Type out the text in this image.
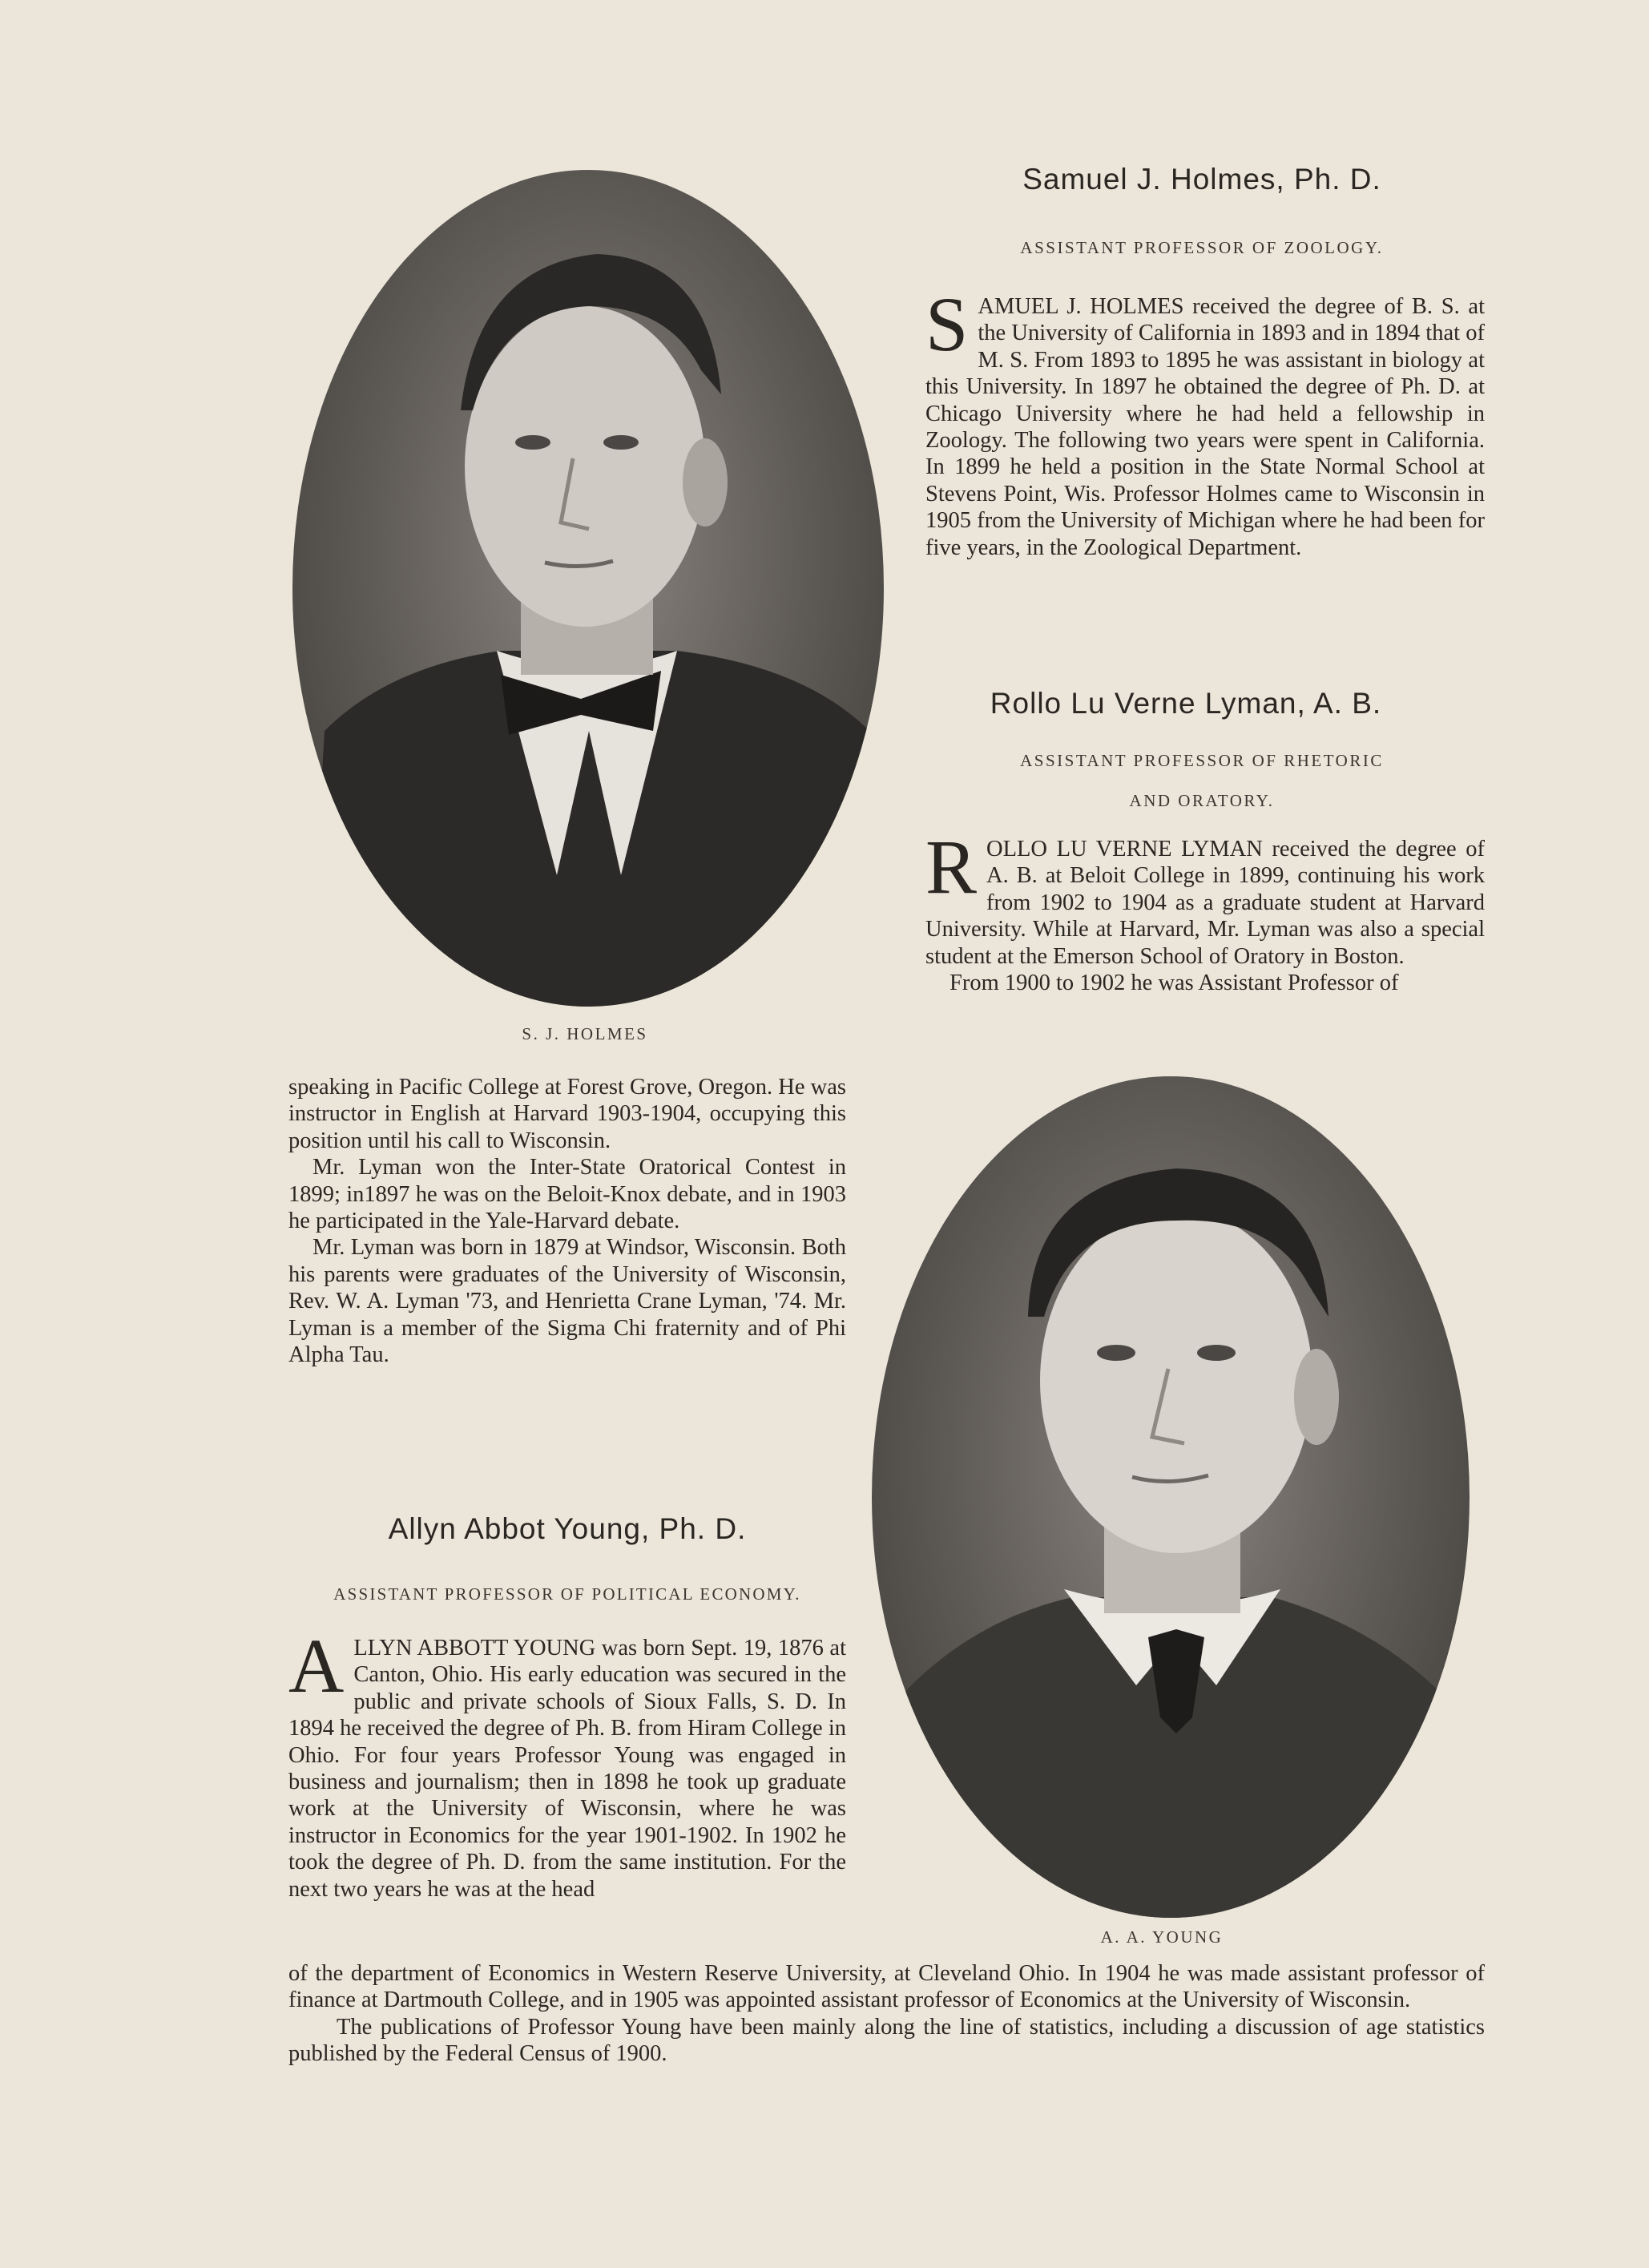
S. J. HOLMES
Samuel J. Holmes, Ph. D.
ASSISTANT PROFESSOR OF ZOOLOGY.

SAMUEL J. HOLMES received the degree of B. S. at the University of California in 1893 and in 1894 that of M. S. From 1893 to 1895 he was assistant in biology at this University. In 1897 he obtained the degree of Ph. D. at Chicago University where he had held a fellowship in Zoology. The following two years were spent in California. In 1899 he held a position in the State Normal School at Stevens Point, Wis. Professor Holmes came to Wisconsin in 1905 from the University of Michigan where he had been for five years, in the Zoological Department.

Rollo Lu Verne Lyman, A. B.
ASSISTANT PROFESSOR OF RHETORIC
AND ORATORY.

ROLLO LU VERNE LYMAN received the degree of A. B. at Beloit College in 1899, continuing his work from 1902 to 1904 as a graduate student at Harvard University. While at Harvard, Mr. Lyman was also a special student at the Emerson School of Oratory in Boston.

From 1900 to 1902 he was Assistant Professor of

speaking in Pacific College at Forest Grove, Oregon. He was instructor in English at Harvard 1903-1904, occupying this position until his call to Wisconsin.

Mr. Lyman won the Inter-State Oratorical Contest in 1899; in1897 he was on the Beloit-Knox debate, and in 1903 he participated in the Yale-Harvard debate.

Mr. Lyman was born in 1879 at Windsor, Wisconsin. Both his parents were graduates of the University of Wisconsin, Rev. W. A. Lyman '73, and Henrietta Crane Lyman, '74. Mr. Lyman is a member of the Sigma Chi fraternity and of Phi Alpha Tau.

Allyn Abbot Young, Ph. D.
ASSISTANT PROFESSOR OF POLITICAL ECONOMY.

ALLYN ABBOTT YOUNG was born Sept. 19, 1876 at Canton, Ohio. His early education was secured in the public and private schools of Sioux Falls, S. D. In 1894 he received the degree of Ph. B. from Hiram College in Ohio. For four years Professor Young was engaged in business and journalism; then in 1898 he took up graduate work at the University of Wisconsin, where he was instructor in Economics for the year 1901-1902. In 1902 he took the degree of Ph. D. from the same institution. For the next two years he was at the head

A. A. YOUNG

of the department of Economics in Western Reserve University, at Cleveland Ohio. In 1904 he was made assistant professor of finance at Dartmouth College, and in 1905 was appointed assistant professor of Economics at the University of Wisconsin.

The publications of Professor Young have been mainly along the line of statistics, including a discussion of age statistics published by the Federal Census of 1900.
